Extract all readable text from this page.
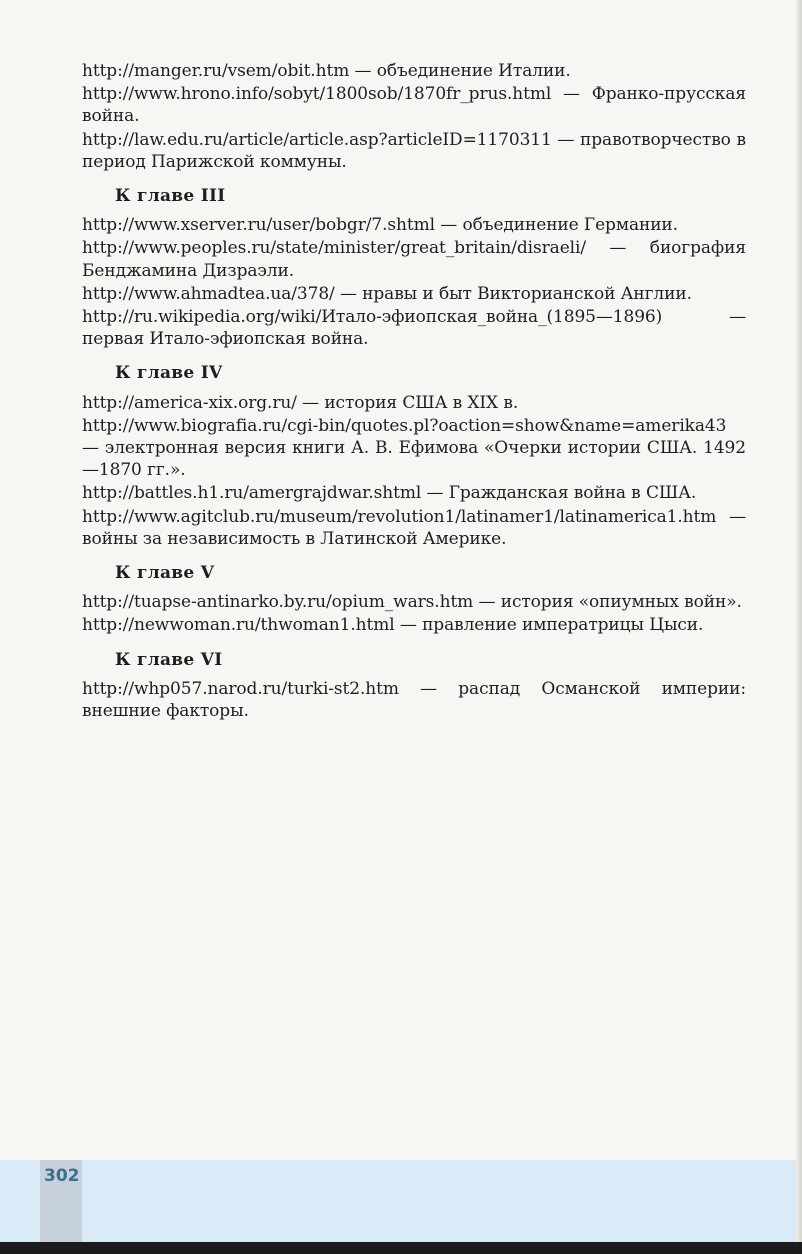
http://manger.ru/vsem/obit.htm — объединение Италии.

http://www.hrono.info/sobyt/1800sob/1870fr_prus.html — Франко-прусская война.

http://law.edu.ru/article/article.asp?articleID=1170311 — правотворчество в период Парижской коммуны.

К главе III

http://www.xserver.ru/user/bobgr/7.shtml — объединение Германии.

http://www.peoples.ru/state/minister/great_britain/disraeli/ — биография Бенджамина Дизраэли.

http://www.ahmadtea.ua/378/ — нравы и быт Викторианской Англии.

http://ru.wikipedia.org/wiki/Итало-эфиопская_война_(1895—1896) — первая Итало-эфиопская война.

К главе IV

http://america-xix.org.ru/ — история США в XIX в.

http://www.biografia.ru/cgi-bin/quotes.pl?oaction=show&name=amerika43 — электронная версия книги А. В. Ефимова «Очерки истории США. 1492—1870 гг.».

http://battles.h1.ru/amergrajdwar.shtml — Гражданская война в США.

http://www.agitclub.ru/museum/revolution1/latinamer1/latinamerica1.htm — войны за независимость в Латинской Америке.

К главе V

http://tuapse-antinarko.by.ru/opium_wars.htm — история «опиумных войн».

http://newwoman.ru/thwoman1.html — правление императрицы Цыси.

К главе VI

http://whp057.narod.ru/turki-st2.htm — распад Османской империи: внешние факторы.

302
